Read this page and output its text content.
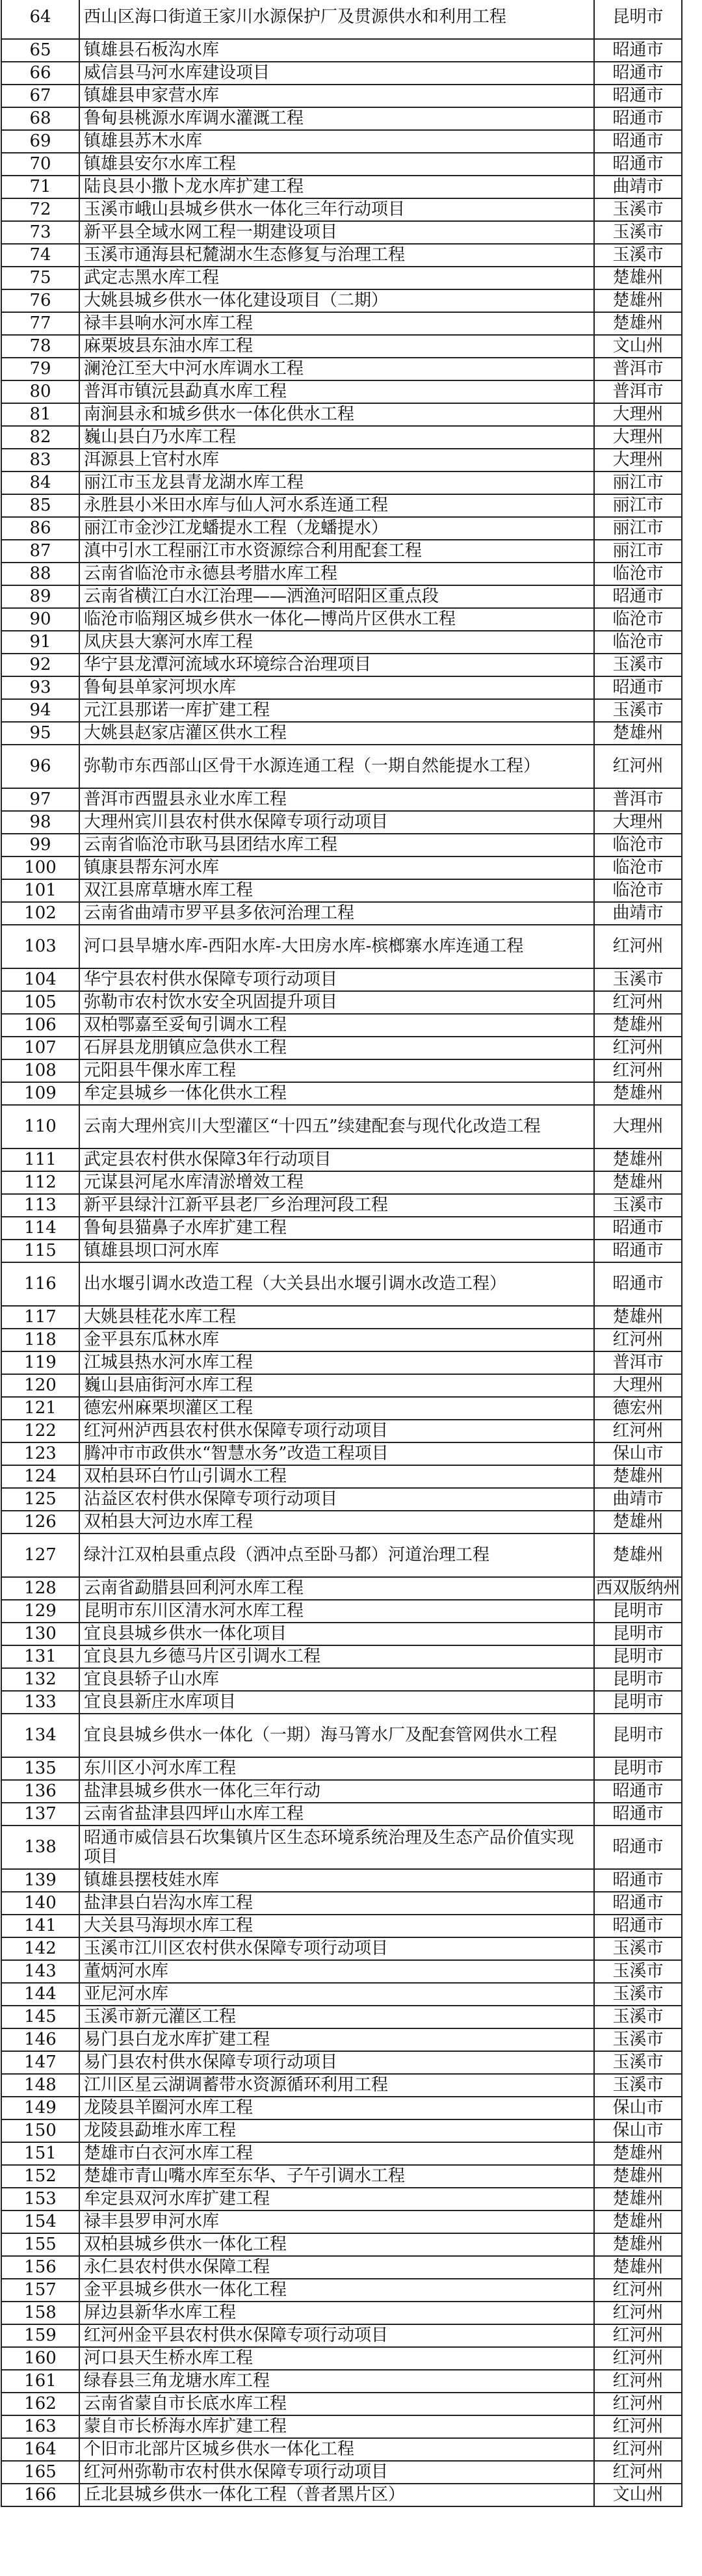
64	西山区海口街道王家川水源保护厂及贯源供水和利用工程	昆明市
65	镇雄县石板沟水库	昭通市
66	威信县马河水库建设项目	昭通市
67	镇雄县申家营水库	昭通市
68	鲁甸县桃源水库调水灌溉工程	昭通市
69	镇雄县苏木水库	昭通市
70	镇雄县安尔水库工程	昭通市
71	陆良县小撒卜龙水库扩建工程	曲靖市
72	玉溪市峨山县城乡供水一体化三年行动项目	玉溪市
73	新平县全域水网工程一期建设项目	玉溪市
74	玉溪市通海县杞麓湖水生态修复与治理工程	玉溪市
75	武定志黑水库工程	楚雄州
76	大姚县城乡供水一体化建设项目（二期）	楚雄州
77	禄丰县响水河水库工程	楚雄州
78	麻栗坡县东油水库工程	文山州
79	澜沧江至大中河水库调水工程	普洱市
80	普洱市镇沅县勐真水库工程	普洱市
81	南涧县永和城乡供水一体化供水工程	大理州
82	巍山县白乃水库工程	大理州
83	洱源县上官村水库	大理州
84	丽江市玉龙县青龙湖水库工程	丽江市
85	永胜县小米田水库与仙人河水系连通工程	丽江市
86	丽江市金沙江龙蟠提水工程（龙蟠提水）	丽江市
87	滇中引水工程丽江市水资源综合利用配套工程	丽江市
88	云南省临沧市永德县考腊水库工程	临沧市
89	云南省横江白水江治理——洒渔河昭阳区重点段	昭通市
90	临沧市临翔区城乡供水一体化—博尚片区供水工程	临沧市
91	凤庆县大寨河水库工程	临沧市
92	华宁县龙潭河流域水环境综合治理项目	玉溪市
93	鲁甸县单家河坝水库	昭通市
94	元江县那诺一库扩建工程	玉溪市
95	大姚县赵家店灌区供水工程	楚雄州
96	弥勒市东西部山区骨干水源连通工程（一期自然能提水工程）	红河州
97	普洱市西盟县永业水库工程	普洱市
98	大理州宾川县农村供水保障专项行动项目	大理州
99	云南省临沧市耿马县团结水库工程	临沧市
100	镇康县帮东河水库	临沧市
101	双江县席草塘水库工程	临沧市
102	云南省曲靖市罗平县多依河治理工程	曲靖市
103	河口县旱塘水库-西阳水库-大田房水库-槟榔寨水库连通工程	红河州
104	华宁县农村供水保障专项行动项目	玉溪市
105	弥勒市农村饮水安全巩固提升项目	红河州
106	双柏鄂嘉至妥甸引调水工程	楚雄州
107	石屏县龙朋镇应急供水工程	红河州
108	元阳县牛倮水库工程	红河州
109	牟定县城乡一体化供水工程	楚雄州
110	云南大理州宾川大型灌区“十四五”续建配套与现代化改造工程	大理州
111	武定县农村供水保障3年行动项目	楚雄州
112	元谋县河尾水库清淤增效工程	楚雄州
113	新平县绿汁江新平县老厂乡治理河段工程	玉溪市
114	鲁甸县猫鼻子水库扩建工程	昭通市
115	镇雄县坝口河水库	昭通市
116	出水堰引调水改造工程（大关县出水堰引调水改造工程）	昭通市
117	大姚县桂花水库工程	楚雄州
118	金平县东瓜林水库	红河州
119	江城县热水河水库工程	普洱市
120	巍山县庙街河水库工程	大理州
121	德宏州麻栗坝灌区工程	德宏州
122	红河州泸西县农村供水保障专项行动项目	红河州
123	腾冲市市政供水“智慧水务”改造工程项目	保山市
124	双柏县环白竹山引调水工程	楚雄州
125	沾益区农村供水保障专项行动项目	曲靖市
126	双柏县大河边水库工程	楚雄州
127	绿汁江双柏县重点段（洒冲点至卧马都）河道治理工程	楚雄州
128	云南省勐腊县回利河水库工程	西双版纳州
129	昆明市东川区清水河水库工程	昆明市
130	宜良县城乡供水一体化项目	昆明市
131	宜良县九乡德马片区引调水工程	昆明市
132	宜良县轿子山水库	昆明市
133	宜良县新庄水库项目	昆明市
134	宜良县城乡供水一体化（一期）海马箐水厂及配套管网供水工程	昆明市
135	东川区小河水库工程	昆明市
136	盐津县城乡供水一体化三年行动	昭通市
137	云南省盐津县四坪山水库工程	昭通市
138	昭通市威信县石坎集镇片区生态环境系统治理及生态产品价值实现项目	昭通市
139	镇雄县摆枝娃水库	昭通市
140	盐津县白岩沟水库工程	昭通市
141	大关县马海坝水库工程	昭通市
142	玉溪市江川区农村供水保障专项行动项目	玉溪市
143	董炳河水库	玉溪市
144	亚尼河水库	玉溪市
145	玉溪市新元灌区工程	玉溪市
146	易门县白龙水库扩建工程	玉溪市
147	易门县农村供水保障专项行动项目	玉溪市
148	江川区星云湖调蓄带水资源循环利用工程	玉溪市
149	龙陵县羊圈河水库工程	保山市
150	龙陵县勐堆水库工程	保山市
151	楚雄市白衣河水库工程	楚雄州
152	楚雄市青山嘴水库至东华、子午引调水工程	楚雄州
153	牟定县双河水库扩建工程	楚雄州
154	禄丰县罗申河水库	楚雄州
155	双柏县城乡供水一体化工程	楚雄州
156	永仁县农村供水保障工程	楚雄州
157	金平县城乡供水一体化工程	红河州
158	屏边县新华水库工程	红河州
159	红河州金平县农村供水保障专项行动项目	红河州
160	河口县天生桥水库工程	红河州
161	绿春县三角龙塘水库工程	红河州
162	云南省蒙自市长底水库工程	红河州
163	蒙自市长桥海水库扩建工程	红河州
164	个旧市北部片区城乡供水一体化工程	红河州
165	红河州弥勒市农村供水保障专项行动项目	红河州
166	丘北县城乡供水一体化工程（普者黑片区）	文山州
